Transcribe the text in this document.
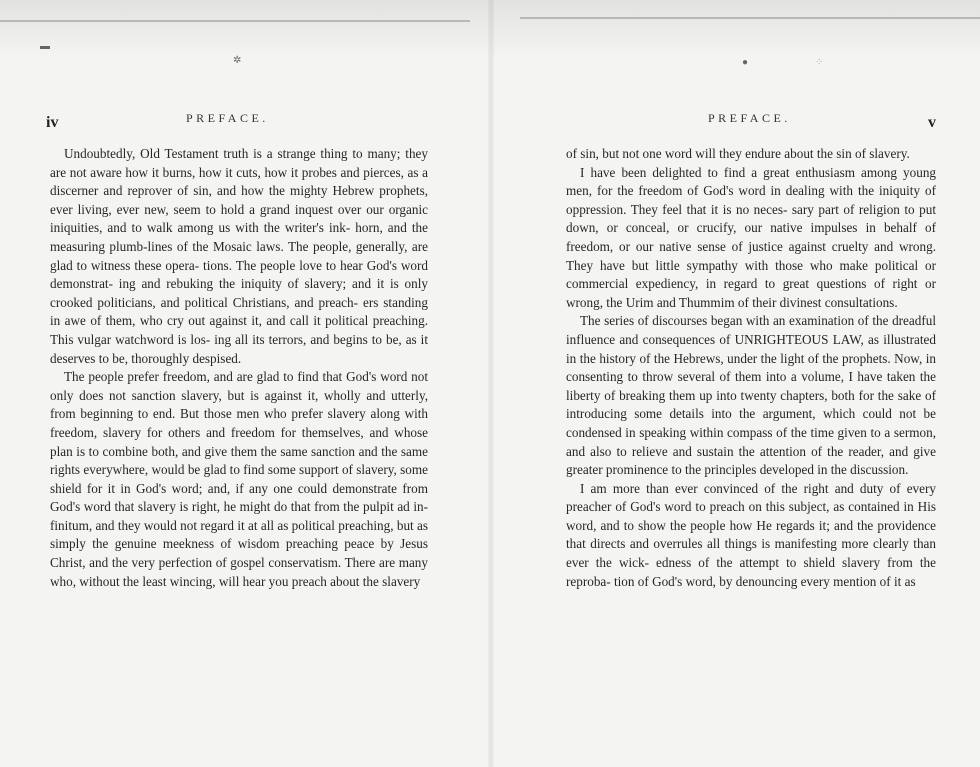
▬
✲	●	⁘
iv	PREFACE.

Undoubtedly, Old Testament truth is a strange thing to many; they are not aware how it burns, how it cuts, how it probes and pierces, as a discerner and reprover of sin, and how the mighty Hebrew prophets, ever living, ever new, seem to hold a grand inquest over our organic iniquities, and to walk among us with the writer's ink- horn, and the measuring plumb-lines of the Mosaic laws. The people, generally, are glad to witness these opera- tions. The people love to hear God's word demonstrat- ing and rebuking the iniquity of slavery; and it is only crooked politicians, and political Christians, and preach- ers standing in awe of them, who cry out against it, and call it political preaching. This vulgar watchword is los- ing all its terrors, and begins to be, as it deserves to be, thoroughly despised.

The people prefer freedom, and are glad to find that God's word not only does not sanction slavery, but is against it, wholly and utterly, from beginning to end. But those men who prefer slavery along with freedom, slavery for others and freedom for themselves, and whose plan is to combine both, and give them the same sanction and the same rights everywhere, would be glad to find some support of slavery, some shield for it in God's word; and, if any one could demonstrate from God's word that slavery is right, he might do that from the pulpit ad in- finitum, and they would not regard it at all as political preaching, but as simply the genuine meekness of wisdom preaching peace by Jesus Christ, and the very perfection of gospel conservatism. There are many who, without the least wincing, will hear you preach about the slavery

PREFACE.	v

of sin, but not one word will they endure about the sin of slavery.

I have been delighted to find a great enthusiasm among young men, for the freedom of God's word in dealing with the iniquity of oppression. They feel that it is no neces- sary part of religion to put down, or conceal, or crucify, our native impulses in behalf of freedom, or our native sense of justice against cruelty and wrong. They have but little sympathy with those who make political or commercial expediency, in regard to great questions of right or wrong, the Urim and Thummim of their divinest consultations.

The series of discourses began with an examination of the dreadful influence and consequences of UNRIGHTEOUS LAW, as illustrated in the history of the Hebrews, under the light of the prophets. Now, in consenting to throw several of them into a volume, I have taken the liberty of breaking them up into twenty chapters, both for the sake of introducing some details into the argument, which could not be condensed in speaking within compass of the time given to a sermon, and also to relieve and sustain the attention of the reader, and give greater prominence to the principles developed in the discussion.

I am more than ever convinced of the right and duty of every preacher of God's word to preach on this subject, as contained in His word, and to show the people how He regards it; and the providence that directs and overrules all things is manifesting more clearly than ever the wick- edness of the attempt to shield slavery from the reproba- tion of God's word, by denouncing every mention of it as
